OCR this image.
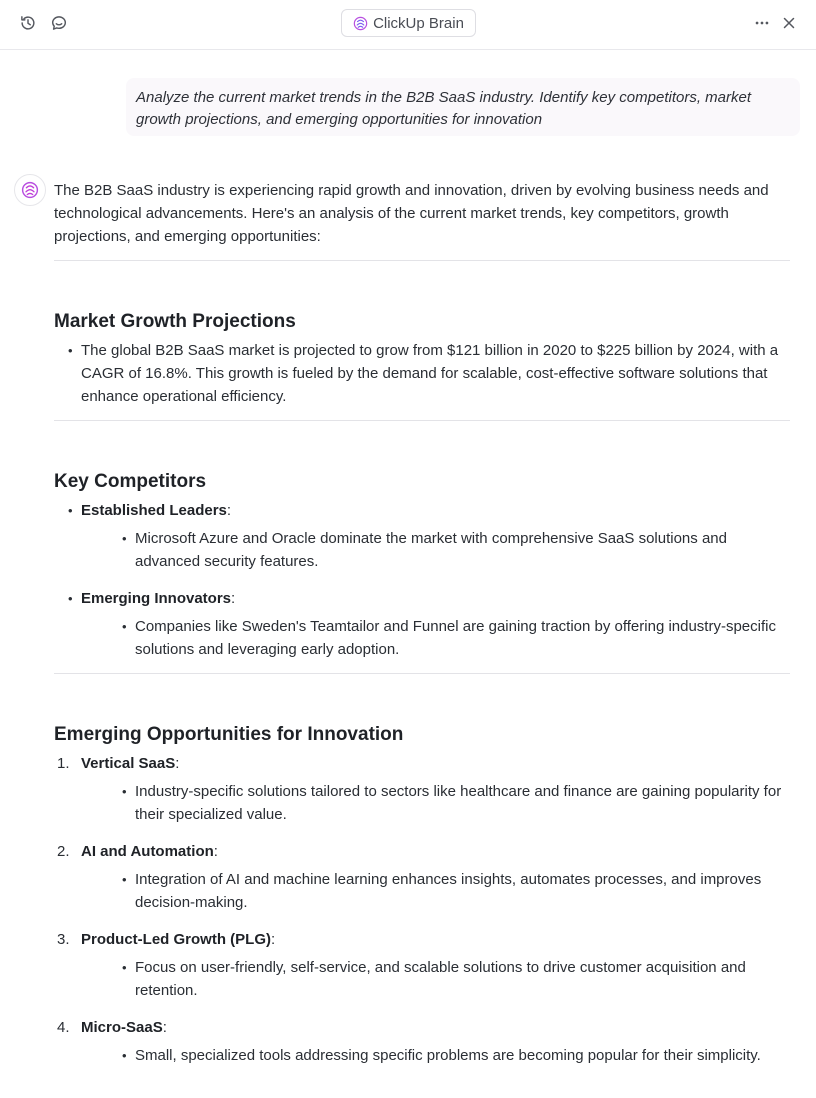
ClickUp Brain
Analyze the current market trends in the B2B SaaS industry. Identify key competitors, market growth projections, and emerging opportunities for innovation

The B2B SaaS industry is experiencing rapid growth and innovation, driven by evolving business needs and technological advancements. Here's an analysis of the current market trends, key competitors, growth projections, and emerging opportunities:

Market Growth Projections
• The global B2B SaaS market is projected to grow from $121 billion in 2020 to $225 billion by 2024, with a CAGR of 16.8%. This growth is fueled by the demand for scalable, cost-effective software solutions that enhance operational efficiency.
Key Competitors
• Established Leaders:
• Microsoft Azure and Oracle dominate the market with comprehensive SaaS solutions and advanced security features.
• Emerging Innovators:
• Companies like Sweden's Teamtailor and Funnel are gaining traction by offering industry-specific solutions and leveraging early adoption.
Emerging Opportunities for Innovation
1. Vertical SaaS:
• Industry-specific solutions tailored to sectors like healthcare and finance are gaining popularity for their specialized value.
2. AI and Automation:
• Integration of AI and machine learning enhances insights, automates processes, and improves decision-making.
3. Product-Led Growth (PLG):
• Focus on user-friendly, self-service, and scalable solutions to drive customer acquisition and retention.
4. Micro-SaaS:
• Small, specialized tools addressing specific problems are becoming popular for their simplicity.
